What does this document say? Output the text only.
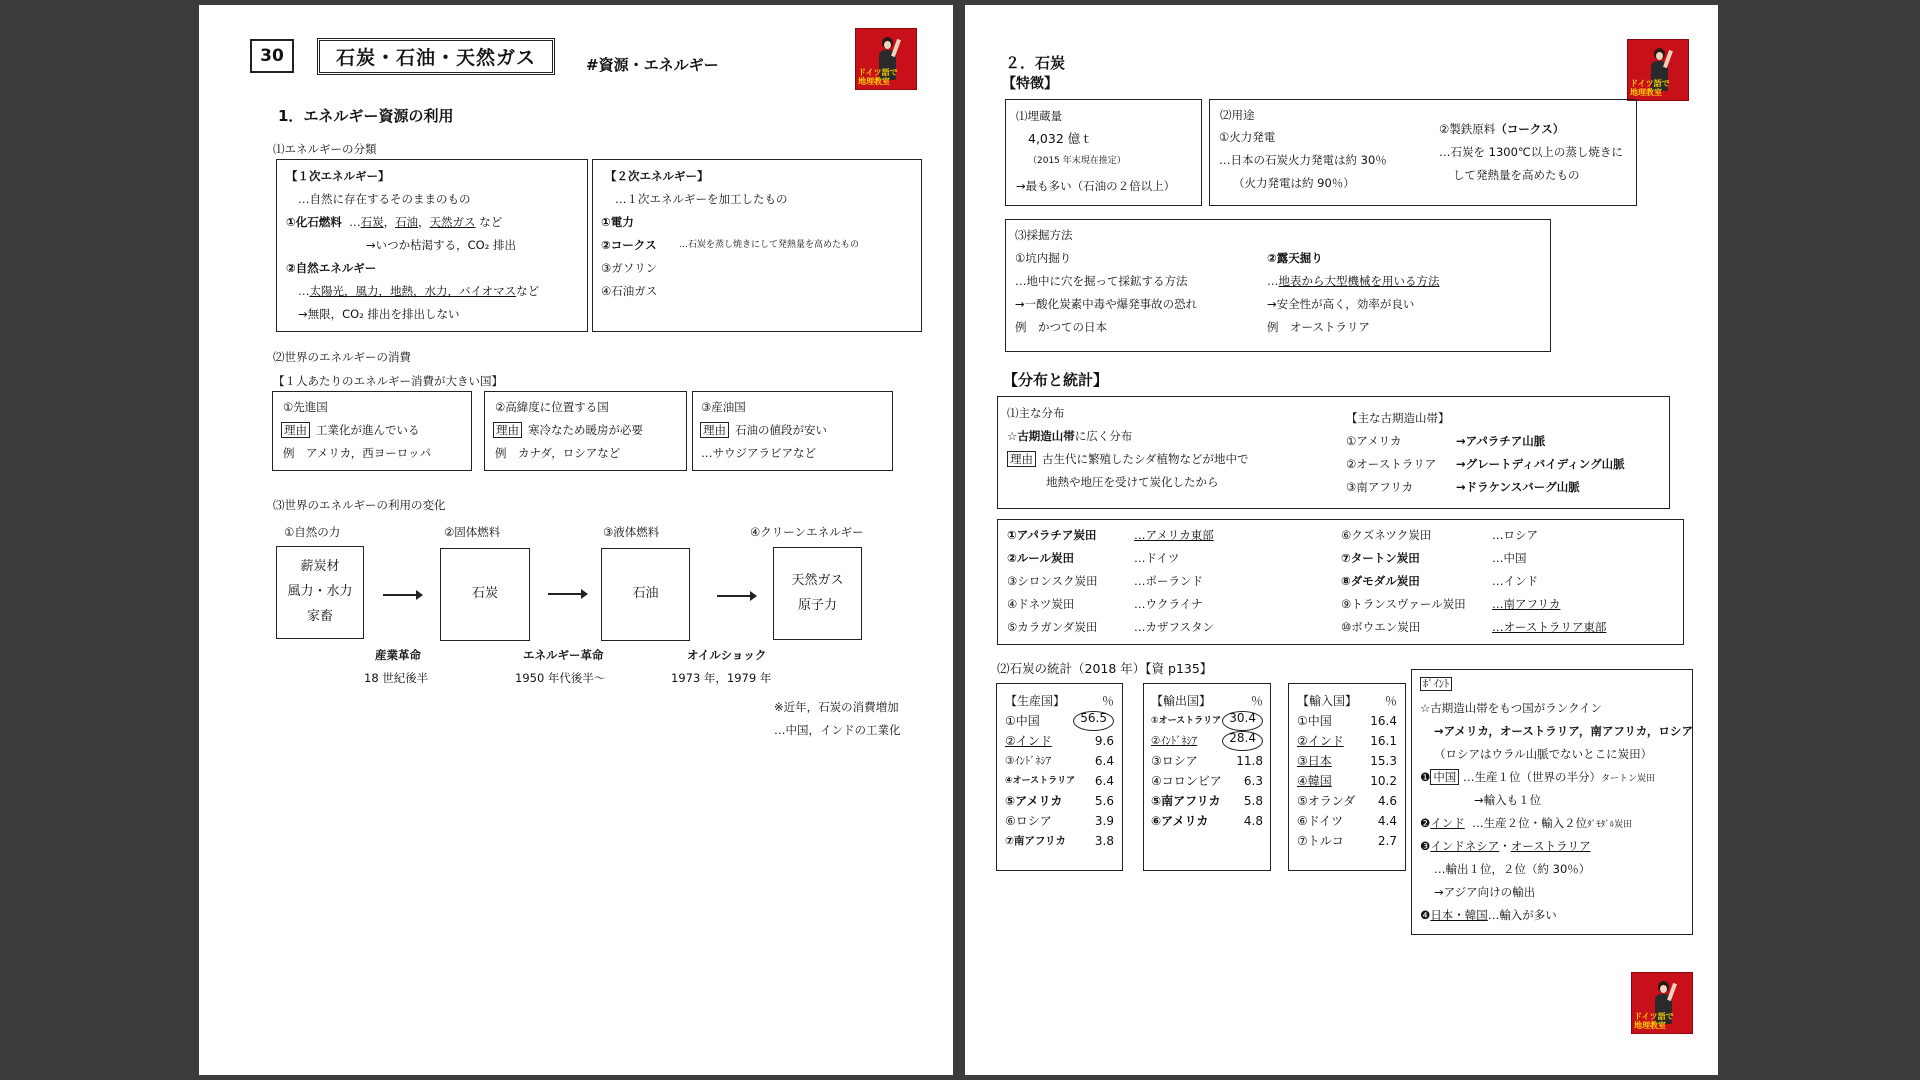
30	石炭・石油・天然ガス	#資源・エネルギー	ドイツ語で
地理教室
1．エネルギー資源の利用
⑴エネルギーの分類
【１次エネルギー】
…自然に存在するそのままのもの
①化石燃料 …石炭，石油，天然ガス など
→いつか枯渇する，CO₂ 排出
②自然エネルギー
…太陽光，風力，地熱，水力，バイオマスなど
→無限，CO₂ 排出を排出しない
【２次エネルギー】
…１次エネルギーを加工したもの
①電力
②コークス …石炭を蒸し焼きにして発熱量を高めたもの
③ガソリン
④石油ガス
⑵世界のエネルギーの消費
【１人あたりのエネルギー消費が大きい国】
①先進国
理由 工業化が進んでいる
例　アメリカ，西ヨーロッパ
②高緯度に位置する国
理由 寒冷なため暖房が必要
例　カナダ，ロシアなど
③産油国
理由 石油の値段が安い
…サウジアラビアなど
⑶世界のエネルギーの利用の変化
①自然の力	②固体燃料	③液体燃料	④クリーンエネルギー
薪炭材
風力・水力
家畜
石炭	石油
天然ガス
原子力
産業革命
18 世紀後半
エネルギー革命
1950 年代後半〜
オイルショック
1973 年，1979 年
※近年，石炭の消費増加
…中国，インドの工業化
ドイツ語で
地理教室
２．石炭
【特徴】
⑴埋蔵量
4,032 億ｔ
（2015 年末現在推定）
→最も多い（石油の２倍以上）
⑵用途
①火力発電
…日本の石炭火力発電は約 30％
（火力発電は約 90％）
②製鉄原料（コークス）
…石炭を 1300℃以上の蒸し焼きに
して発熱量を高めたもの
⑶採掘方法
①坑内掘り
…地中に穴を掘って採鉱する方法
→一酸化炭素中毒や爆発事故の恐れ
例　かつての日本
②露天掘り
…地表から大型機械を用いる方法
→安全性が高く，効率が良い
例　オーストラリア
【分布と統計】
⑴主な分布
☆古期造山帯に広く分布
理由 古生代に繁殖したシダ植物などが地中で
地熱や地圧を受けて炭化したから
【主な古期造山帯】
①アメリカ	→アパラチア山脈
②オーストラリア →グレートディバイディング山脈
③南アフリカ	→ドラケンスバーグ山脈
①アパラチア炭田	…アメリカ東部
②ルール炭田	…ドイツ
③シロンスク炭田	…ポーランド
④ドネツ炭田	…ウクライナ
⑤カラガンダ炭田	…カザフスタン
⑥クズネツク炭田	…ロシア
⑦タートン炭田	…中国
⑧ダモダル炭田	…インド
⑨トランスヴァール炭田 …南アフリカ
⑩ボウエン炭田	…オーストラリア東部
⑵石炭の統計（2018 年）【資 p135】
【生産国】	％
①中国	56.5
②インド	9.6
③ｲﾝﾄﾞﾈｼｱ	6.4
④オーストラリア	6.4
⑤アメリカ	5.6
⑥ロシア	3.9
⑦南アフリカ	3.8
【輸出国】	％
①オーストラリア 30.4
②ｲﾝﾄﾞﾈｼｱ	28.4
③ロシア	11.8
④コロンビア	6.3
⑤南アフリカ	5.8
⑥アメリカ	4.8
【輸入国】	％
①中国	16.4
②インド	16.1
③日本	15.3
④韓国	10.2
⑤オランダ	4.6
⑥ドイツ	4.4
⑦トルコ	2.7
ﾎﾟｲﾝﾄ
☆古期造山帯をもつ国がランクイン
→アメリカ，オーストラリア，南アフリカ，ロシア
（ロシアはウラル山脈でないとこに炭田）
❶ 中国 …生産１位（世界の半分）タートン炭田
→輸入も１位
❷インド …生産２位・輸入２位ﾀﾞﾓﾀﾞﾙ炭田
❸インドネシア・オーストラリア
…輸出１位，２位（約 30％）
→アジア向けの輸出
❹日本・韓国…輸入が多い
ドイツ語で
地理教室
